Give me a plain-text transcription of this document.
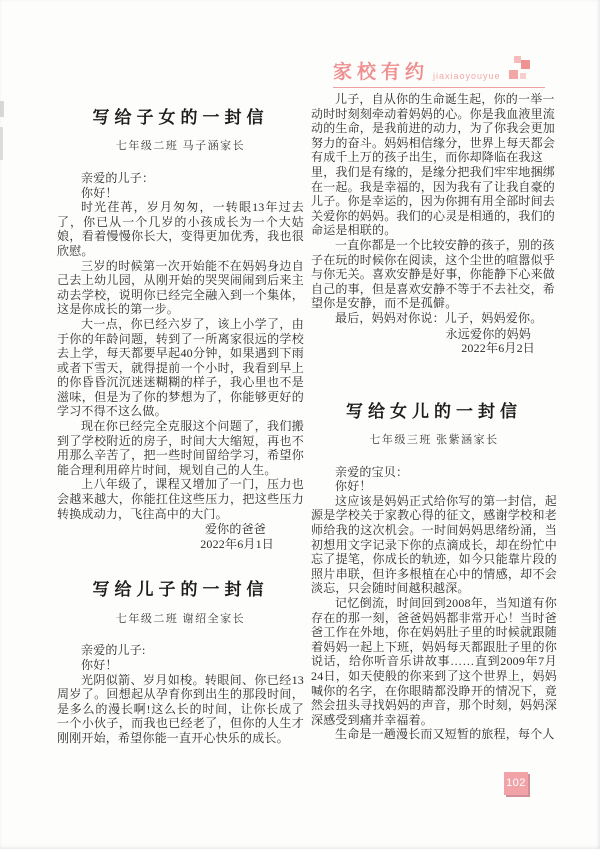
家校有约 jiaxiaoyouyue
写给子女的一封信
七年级二班 马子涵家长

亲爱的儿子：

你好！

时光荏苒，岁月匆匆，一转眼13年过去了，你已从一个几岁的小孩成长为一个大姑娘，看着慢慢你长大，变得更加优秀，我也很欣慰。

三岁的时候第一次开始能不在妈妈身边自己去上幼儿园，从刚开始的哭哭闹闹到后来主动去学校，说明你已经完全融入到一个集体，这是你成长的第一步。

大一点，你已经六岁了，该上小学了，由于你的年龄问题，转到了一所离家很远的学校去上学，每天都要早起40分钟，如果遇到下雨或者下雪天，就得提前一个小时，我看到早上的你昏昏沉沉迷迷糊糊的样子，我心里也不是滋味，但是为了你的梦想为了，你能够更好的学习不得不这么做。

现在你已经完全克服这个问题了，我们搬到了学校附近的房子，时间大大缩短，再也不用那么辛苦了，把一些时间留给学习，希望你能合理利用碎片时间，规划自己的人生。

上八年级了，课程又增加了一门，压力也会越来越大，你能扛住这些压力，把这些压力转换成动力，飞往高中的大门。

爱你的爸爸

2022年6月1日

写给儿子的一封信
七年级二班 谢绍全家长

亲爱的儿子:

你好！

光阴似箭、岁月如梭。转眼间、你已经13周岁了。回想起从孕育你到出生的那段时间，是多么的漫长啊!这么长的时间，让你长成了一个小伙子，而我也已经老了，但你的人生才刚刚开始，希望你能一直开心快乐的成长。

儿子，自从你的生命诞生起，你的一举一动时时刻刻牵动着妈妈的心。你是我血液里流动的生命，是我前进的动力，为了你我会更加努力的奋斗。妈妈相信缘分，世界上每天都会有成千上万的孩子出生，而你却降临在我这里，我们是有缘的，是缘分把我们牢牢地捆绑在一起。我是幸福的，因为我有了让我自豪的儿子。你是幸运的，因为你拥有用全部时间去关爱你的妈妈。我们的心灵是相通的，我们的命运是相联的。

一直你都是一个比较安静的孩子，别的孩子在玩的时候你在阅读，这个尘世的喧嚣似乎与你无关。喜欢安静是好事，你能静下心来做自己的事，但是喜欢安静不等于不去社交，希望你是安静，而不是孤僻。

最后，妈妈对你说：儿子，妈妈爱你。

永远爱你的妈妈

2022年6月2日

写给女儿的一封信
七年级三班 张紫涵家长

亲爱的宝贝：

你好！

这应该是妈妈正式给你写的第一封信，起源是学校关于家教心得的征文，感谢学校和老师给我的这次机会。一时间妈妈思绪纷涌，当初想用文字记录下你的点滴成长，却在纷忙中忘了提笔，你成长的轨迹，如今只能靠片段的照片串联，但许多根植在心中的情感，却不会淡忘，只会随时间越积越深。

记忆倒流，时间回到2008年，当知道有你存在的那一刻，爸爸妈妈都非常开心！当时爸爸工作在外地，你在妈妈肚子里的时候就跟随着妈妈一起上下班，妈妈每天都跟肚子里的你说话，给你听音乐讲故事……直到2009年7月24日，如天使般的你来到了这个世界上，妈妈喊你的名字，在你眼睛都没睁开的情况下，竟然会扭头寻找妈妈的声音，那个时刻，妈妈深深感受到痛并幸福着。

生命是一趟漫长而又短暂的旅程，每个人

102
